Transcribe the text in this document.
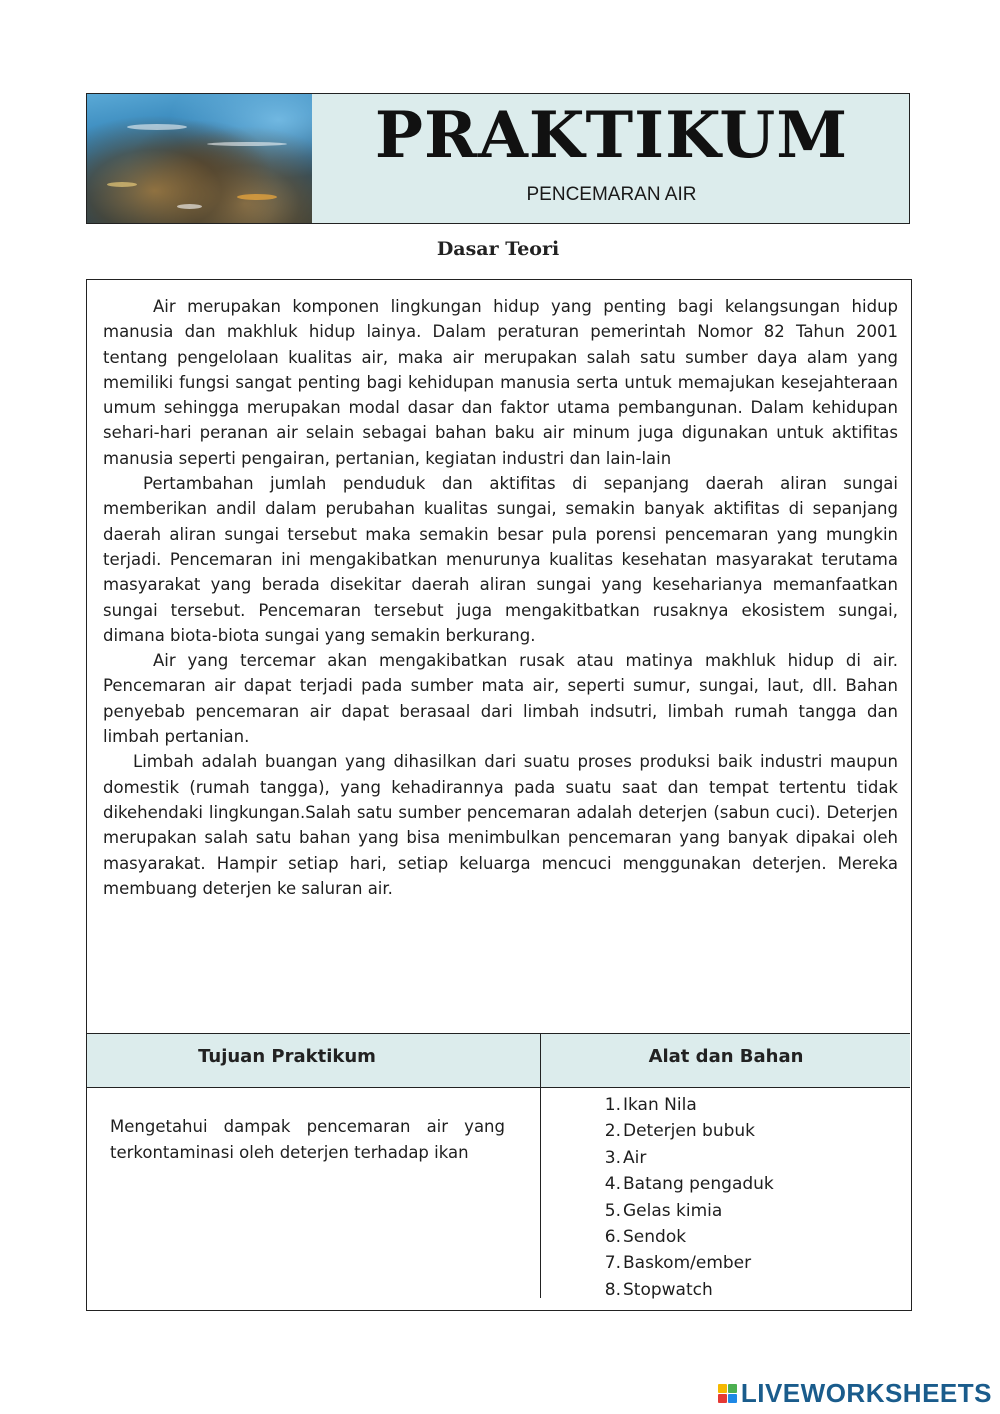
PRAKTIKUM
PENCEMARAN AIR
Dasar Teori

Air merupakan komponen lingkungan hidup yang penting bagi kelangsungan hidup manusia dan makhluk hidup lainya. Dalam peraturan pemerintah Nomor 82 Tahun 2001 tentang pengelolaan kualitas air, maka air merupakan salah satu sumber daya alam yang memiliki fungsi sangat penting bagi kehidupan manusia serta untuk memajukan kesejahteraan umum sehingga merupakan modal dasar dan faktor utama pembangunan. Dalam kehidupan sehari-hari peranan air selain sebagai bahan baku air minum juga digunakan untuk aktifitas manusia seperti pengairan, pertanian, kegiatan industri dan lain-lain

Pertambahan jumlah penduduk dan aktifitas di sepanjang daerah aliran sungai memberikan andil dalam perubahan kualitas sungai, semakin banyak aktifitas di sepanjang daerah aliran sungai tersebut maka semakin besar pula porensi pencemaran yang mungkin terjadi. Pencemaran ini mengakibatkan menurunya kualitas kesehatan masyarakat terutama masyarakat yang berada disekitar daerah aliran sungai yang keseharianya memanfaatkan sungai tersebut. Pencemaran tersebut juga mengakitbatkan rusaknya ekosistem sungai, dimana biota-biota sungai yang semakin berkurang.

Air yang tercemar akan mengakibatkan rusak atau matinya makhluk hidup di air. Pencemaran air dapat terjadi pada sumber mata air, seperti sumur, sungai, laut, dll. Bahan penyebab pencemaran air dapat berasaal dari limbah indsutri, limbah rumah tangga dan limbah pertanian.

Limbah adalah buangan yang dihasilkan dari suatu proses produksi baik industri maupun domestik (rumah tangga), yang kehadirannya pada suatu saat dan tempat tertentu tidak dikehendaki lingkungan.Salah satu sumber pencemaran adalah deterjen (sabun cuci). Deterjen merupakan salah satu bahan yang bisa menimbulkan pencemaran yang banyak dipakai oleh masyarakat. Hampir setiap hari, setiap keluarga mencuci menggunakan deterjen. Mereka membuang deterjen ke saluran air.

Tujuan Praktikum	Alat dan Bahan
Mengetahui dampak pencemaran air yang terkontaminasi oleh deterjen terhadap ikan
1. Ikan Nila
2. Deterjen bubuk
3. Air
4. Batang pengaduk
5. Gelas kimia
6. Sendok
7. Baskom/ember
8. Stopwatch
LIVEWORKSHEETS
